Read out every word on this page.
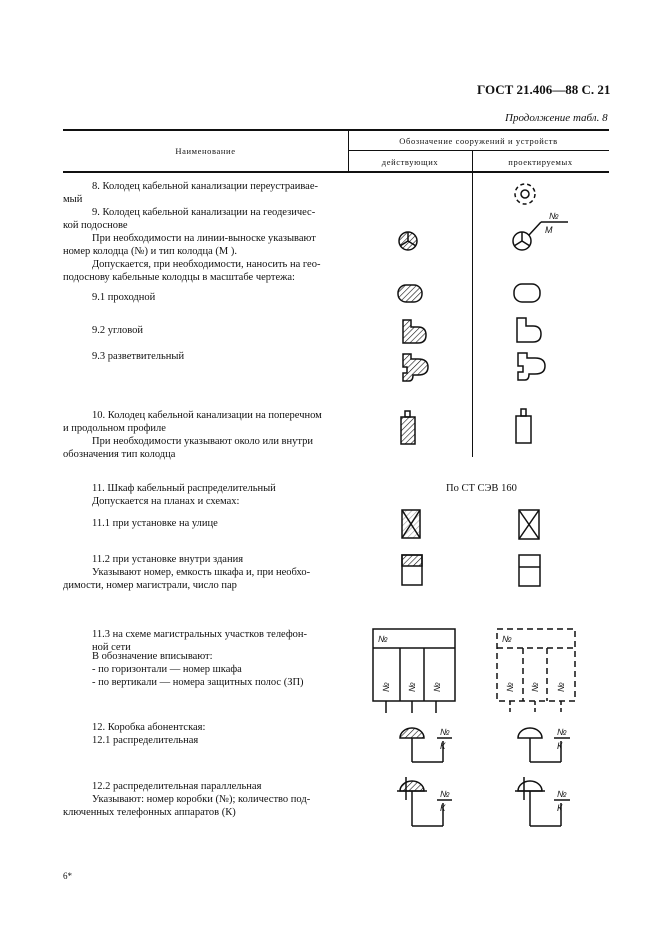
ГОСТ 21.406—88 С. 21
Продолжение табл. 8
Наименование
Обозначение сооружений и устройств
действующих	проектируемых
8. Колодец кабельной канализации переустраивае-
мый
9. Колодец кабельной канализации на геодезичес-
кой подоснове
При необходимости на линии-выноске указывают
номер колодца (№) и тип колодца (М ).
Допускается, при необходимости, наносить на гео-
подоснову кабельные колодцы в масштабе чертежа:
9.1 проходной
9.2 угловой
9.3 разветвительный
10. Колодец кабельной канализации на поперечном
и продольном профиле
При необходимости указывают около или внутри
обозначения тип колодца
11. Шкаф кабельный распределительный
Допускается на планах и схемах:
По СТ СЭВ 160
11.1 при установке на улице
11.2 при установке внутри здания
Указывают номер, емкость шкафа и, при необхо-
димости, номер магистрали, число пар
11.3 на схеме магистральных участков телефон-
ной сети
В обозначение вписывают:
- по горизонтали — номер шкафа
- по вертикали — номера защитных полос (ЗП)
12. Коробка абонентская:
12.1 распределительная
12.2 распределительная параллельная
Указывают: номер коробки (№); количество под-
ключенных телефонных аппаратов (К)
6*
№
М
№
№ № №
№
№ № №
№
К
№
К
№
К
№
К
